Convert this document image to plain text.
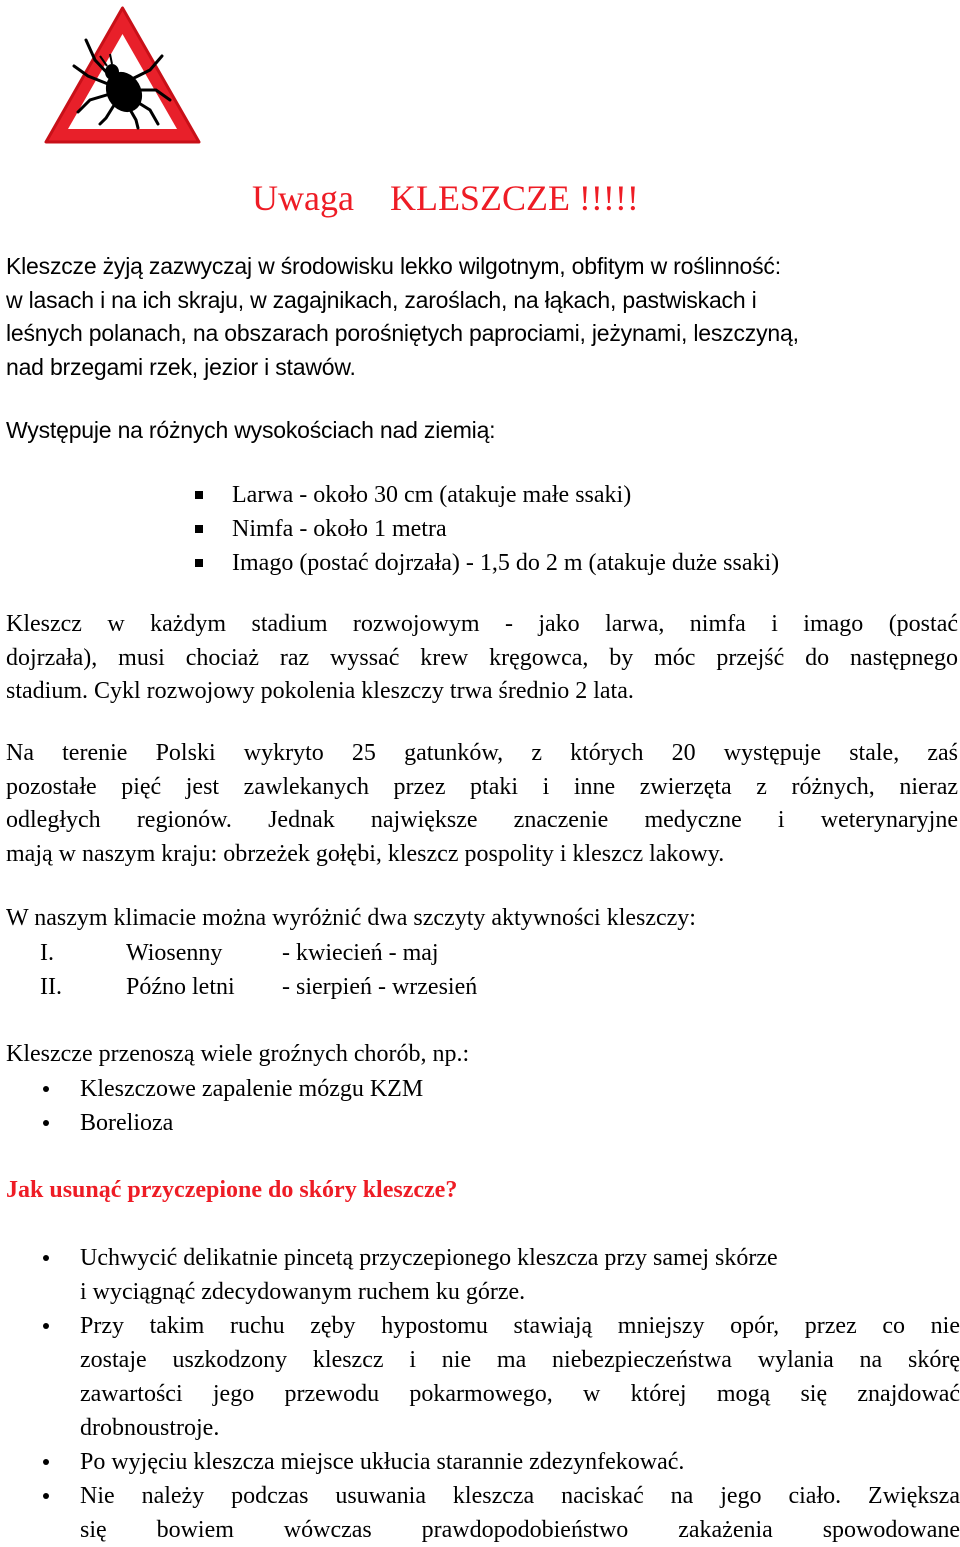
Uwaga    KLESZCZE !!!!!
Kleszcze żyją zazwyczaj w środowisku lekko wilgotnym, obfitym w roślinność:
w lasach i na ich skraju, w zagajnikach, zaroślach, na łąkach, pastwiskach i
leśnych polanach, na obszarach porośniętych paprociami, jeżynami, leszczyną,
nad brzegami rzek, jezior i stawów.
Występuje na różnych wysokościach nad ziemią:
Larwa - około 30 cm (atakuje małe ssaki)
Nimfa - około 1 metra
Imago (postać dojrzała) - 1,5 do 2 m (atakuje duże ssaki)
Kleszcz w każdym stadium rozwojowym - jako larwa, nimfa i imago (postać
dojrzała), musi chociaż raz wyssać krew kręgowca, by móc przejść do następnego
stadium. Cykl rozwojowy pokolenia kleszczy trwa średnio 2 lata.
Na terenie Polski wykryto 25 gatunków, z których 20 występuje stale, zaś
pozostałe pięć jest zawlekanych przez ptaki i inne zwierzęta z różnych, nieraz
odległych regionów. Jednak największe znaczenie medyczne i weterynaryjne
mają w naszym kraju: obrzeżek gołębi, kleszcz pospolity i kleszcz lakowy.
W naszym klimacie można wyróżnić dwa szczyty aktywności kleszczy:
I.	Wiosenny	- kwiecień - maj
II.	Późno letni	- sierpień - wrzesień
Kleszcze przenoszą wiele groźnych chorób, np.:
Kleszczowe zapalenie mózgu KZM
Borelioza
Jak usunąć przyczepione do skóry kleszcze?
Uchwycić delikatnie pincetą przyczepionego kleszcza przy samej skórze
i wyciągnąć zdecydowanym ruchem ku górze.
Przy takim ruchu zęby hypostomu stawiają mniejszy opór, przez co nie
zostaje uszkodzony kleszcz i nie ma niebezpieczeństwa wylania na skórę
zawartości jego przewodu pokarmowego, w której mogą się znajdować
drobnoustroje.
Po wyjęciu kleszcza miejsce ukłucia starannie zdezynfekować.
Nie należy podczas usuwania kleszcza naciskać na jego ciało. Zwiększa
się bowiem wówczas prawdopodobieństwo zakażenia spowodowane
